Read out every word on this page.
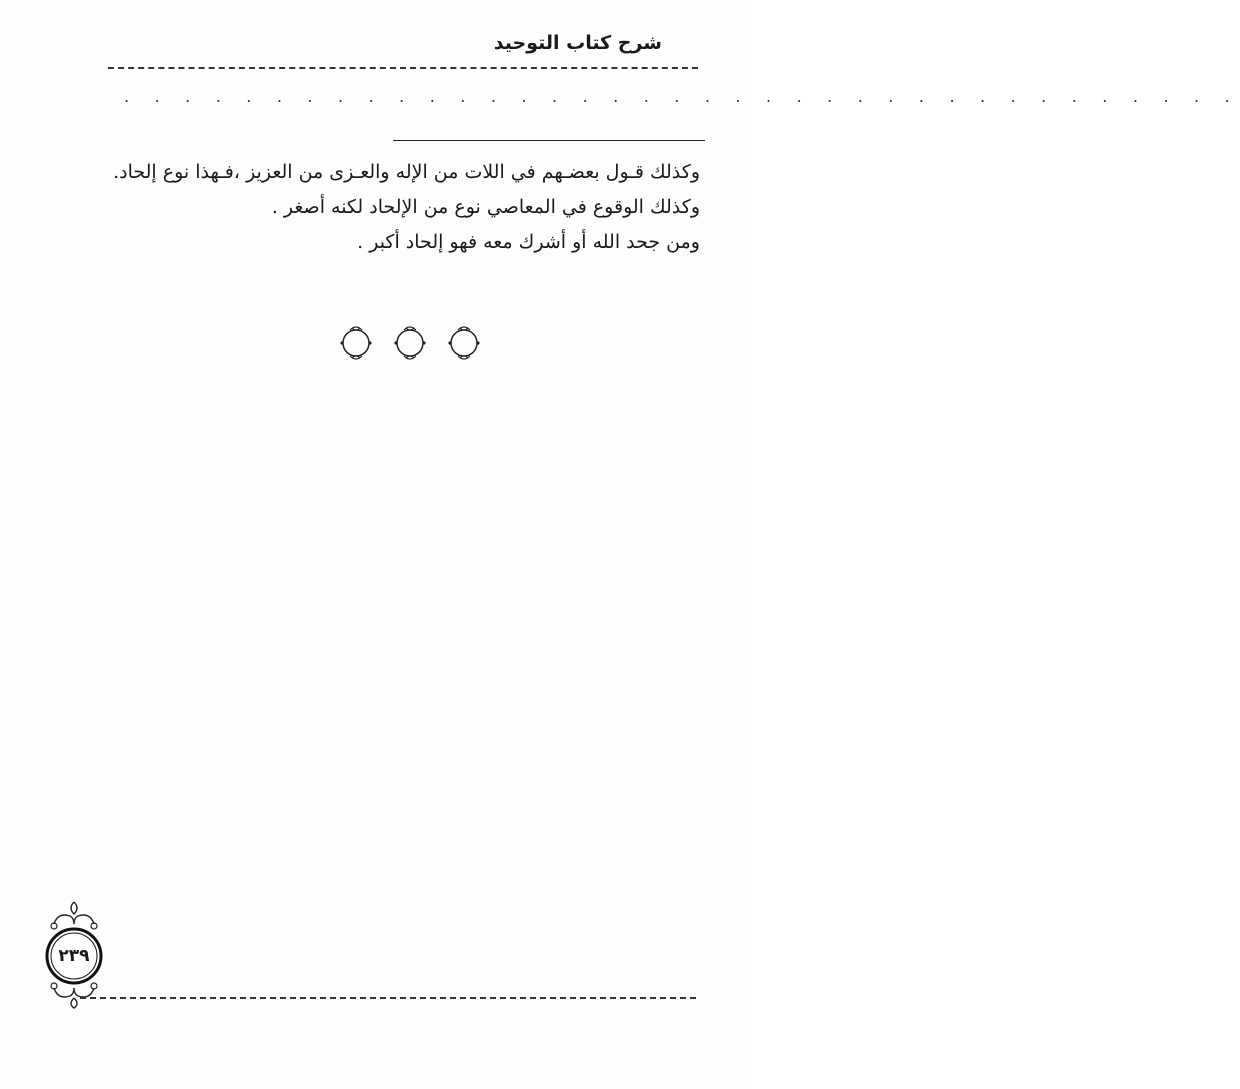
شرح كتاب التوحيد
. . . . . . . . . . . . . . . . . . . . . . . . . . . . . . . . . . . . .

وكذلك قـول بعضـهم في اللات من الإله والعـزى من العزيز ،فـهذا نوع إلحاد.

وكذلك الوقوع في المعاصي نوع من الإلحاد لكنه أصغر .

ومن جحد الله أو أشرك معه فهو إلحاد أكبر .

٢٣٩
